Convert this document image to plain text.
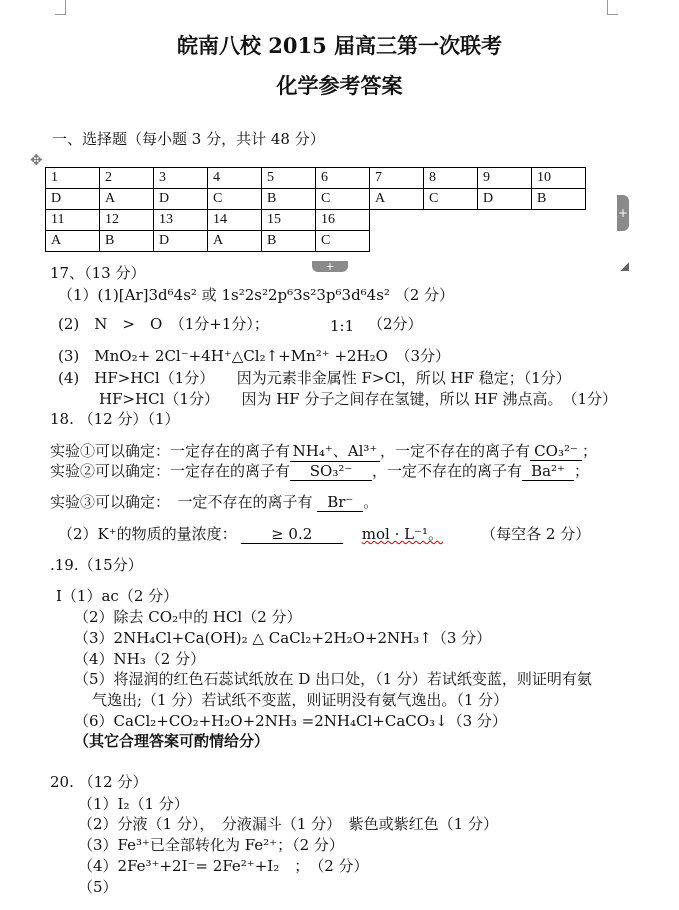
皖南八校 2015 届高三第一次联考
化学参考答案
一、选择题（每小题 3 分，共计 48 分）
✥
1	2	3	4	5	6	7	8	9	10
D	A	D	C	B	C	A	C	D	B
11	12	13	14	15	16				
A	B	D	A	B	C				
+
+
17、（13 分）
（1）(1)[Ar]3d⁶4s² 或 1s²2s²2p⁶3s²3p⁶3d⁶4s² （2 分）
(2)　N　>　O　（1分+1分）；	1:1 （2分）
(3)　MnO₂+ 2Cl⁻+4H⁺△Cl₂↑+Mn²⁺ +2H₂O　（3分）
(4)　HF>HCl（1分）　　因为元素非金属性 F>Cl，所以 HF 稳定；（1分）
HF>HCl（1分）　　因为 HF 分子之间存在氢键，所以 HF 沸点高。　（1分）
18. （12 分）（1）
实验①可以确定：一定存在的离子有 NH₄⁺、Al³⁺ ，一定不存在的离子有 CO₃²⁻ ；
实验②可以确定：一定存在的离子有 SO₃²⁻ ，一定不存在的离子有 Ba²⁺ ；
实验③可以确定：　一定不存在的离子有 Br⁻ 。
（2）K⁺的物质的量浓度： ≥ 0.2	mol · L⁻¹。	（每空各 2 分）
.19.（15分）
Ⅰ（1）ac（2 分）
（2）除去 CO₂中的 HCl（2 分）
（3）2NH₄Cl+Ca(OH)₂ △ CaCl₂+2H₂O+2NH₃↑（3 分）
（4）NH₃（2 分）
（5）将湿润的红色石蕊试纸放在 D 出口处，（1 分）若试纸变蓝，则证明有氨
气逸出;（1 分）若试纸不变蓝，则证明没有氨气逸出。（1 分）
（6）CaCl₂+CO₂+H₂O+2NH₃ =2NH₄Cl+CaCO₃↓（3 分）
（其它合理答案可酌情给分）
20. （12 分）
（1）I₂（1 分）
（2）分液（1 分），　分液漏斗（1 分）　紫色或紫红色（1 分）
（3）Fe³⁺已全部转化为 Fe²⁺；（2 分）
（4）2Fe³⁺+2I⁻= 2Fe²⁺+I₂　；　（2 分）
（5）
